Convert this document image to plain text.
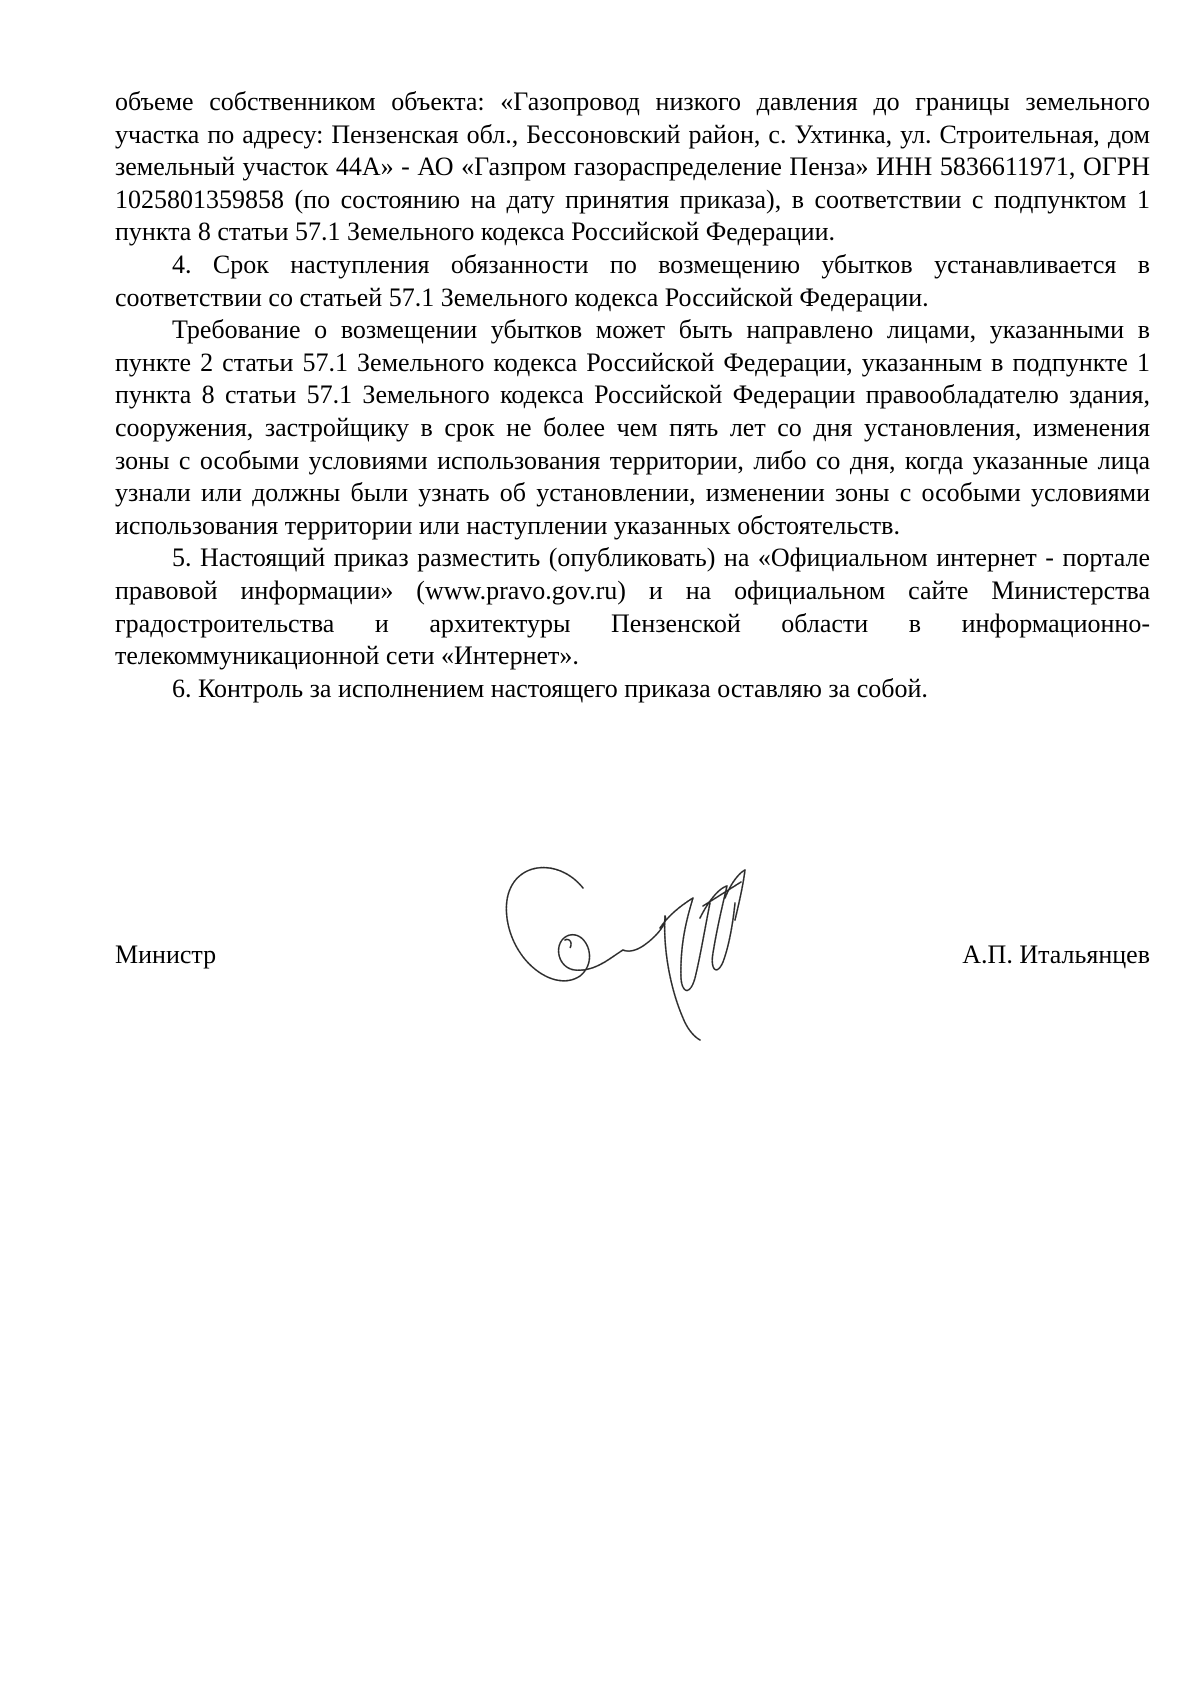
объеме собственником объекта: «Газопровод низкого давления до границы земельного участка по адресу: Пензенская обл., Бессоновский район, с. Ухтинка, ул. Строительная, дом земельный участок 44А» - АО «Газпром газораспределение Пенза» ИНН 5836611971, ОГРН 1025801359858 (по состоянию на дату принятия приказа), в соответствии с подпунктом 1 пункта 8 статьи 57.1 Земельного кодекса Российской Федерации.

4. Срок наступления обязанности по возмещению убытков устанавливается в соответствии со статьей 57.1 Земельного кодекса Российской Федерации.

Требование о возмещении убытков может быть направлено лицами, указанными в пункте 2 статьи 57.1 Земельного кодекса Российской Федерации, указанным в подпункте 1 пункта 8 статьи 57.1 Земельного кодекса Российской Федерации правообладателю здания, сооружения, застройщику в срок не более чем пять лет со дня установления, изменения зоны с особыми условиями использования территории, либо со дня, когда указанные лица узнали или должны были узнать об установлении, изменении зоны с особыми условиями использования территории или наступлении указанных обстоятельств.

5. Настоящий приказ разместить (опубликовать) на «Официальном интернет - портале правовой информации» (www.pravo.gov.ru) и на официальном сайте Министерства градостроительства и архитектуры Пензенской области в информационно-телекоммуникационной сети «Интернет».

6. Контроль за исполнением настоящего приказа оставляю за собой.

Министр	А.П. Итальянцев
